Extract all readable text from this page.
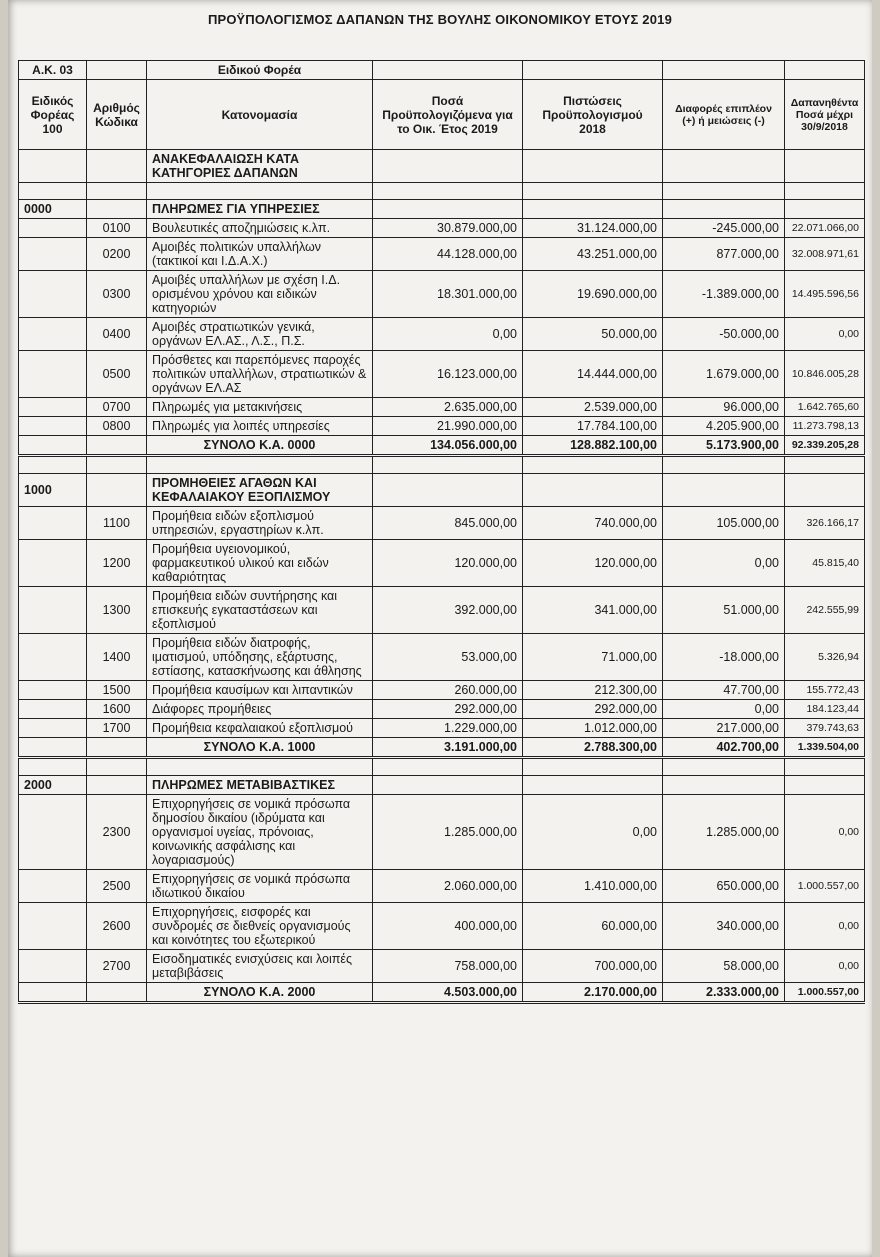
ΠΡΟΫΠΟΛΟΓΙΣΜΟΣ ΔΑΠΑΝΩΝ ΤΗΣ ΒΟΥΛΗΣ ΟΙΚΟΝΟΜΙΚΟΥ ΕΤΟΥΣ 2019
Α.Κ. 03		Ειδικού Φορέα				
Ειδικός Φορέας 100	Αριθμός Κώδικα	Κατονομασία	Ποσά Προϋπολογιζόμενα για το Οικ. Έτος 2019	Πιστώσεις Προϋπολογισμού 2018	Διαφορές επιπλέον (+) ή μειώσεις (-)	Δαπανηθέντα Ποσά μέχρι 30/9/2018
		ΑΝΑΚΕΦΑΛΑΙΩΣΗ ΚΑΤΑ ΚΑΤΗΓΟΡΙΕΣ ΔΑΠΑΝΩΝ				

0000		ΠΛΗΡΩΜΕΣ ΓΙΑ ΥΠΗΡΕΣΙΕΣ				
	0100	Βουλευτικές αποζημιώσεις κ.λπ.	30.879.000,00	31.124.000,00	-245.000,00	22.071.066,00
	0200	Αμοιβές πολιτικών υπαλλήλων (τακτικοί και Ι.Δ.Α.Χ.)	44.128.000,00	43.251.000,00	877.000,00	32.008.971,61
	0300	Αμοιβές υπαλλήλων με σχέση Ι.Δ. ορισμένου χρόνου και ειδικών κατηγοριών	18.301.000,00	19.690.000,00	-1.389.000,00	14.495.596,56
	0400	Αμοιβές στρατιωτικών γενικά, οργάνων ΕΛ.ΑΣ., Λ.Σ., Π.Σ.	0,00	50.000,00	-50.000,00	0,00
	0500	Πρόσθετες και παρεπόμενες παροχές πολιτικών υπαλλήλων, στρατιωτικών & οργάνων ΕΛ.ΑΣ	16.123.000,00	14.444.000,00	1.679.000,00	10.846.005,28
	0700	Πληρωμές για μετακινήσεις	2.635.000,00	2.539.000,00	96.000,00	1.642.765,60
	0800	Πληρωμές για λοιπές υπηρεσίες	21.990.000,00	17.784.100,00	4.205.900,00	11.273.798,13
		ΣΥΝΟΛΟ Κ.Α. 0000	134.056.000,00	128.882.100,00	5.173.900,00	92.339.205,28

1000		ΠΡΟΜΗΘΕΙΕΣ ΑΓΑΘΩΝ ΚΑΙ ΚΕΦΑΛΑΙΑΚΟΥ ΕΞΟΠΛΙΣΜΟΥ				
	1100	Προμήθεια ειδών εξοπλισμού υπηρεσιών, εργαστηρίων κ.λπ.	845.000,00	740.000,00	105.000,00	326.166,17
	1200	Προμήθεια υγειονομικού, φαρμακευτικού υλικού και ειδών καθαριότητας	120.000,00	120.000,00	0,00	45.815,40
	1300	Προμήθεια ειδών συντήρησης και επισκευής εγκαταστάσεων και εξοπλισμού	392.000,00	341.000,00	51.000,00	242.555,99
	1400	Προμήθεια ειδών διατροφής, ιματισμού, υπόδησης, εξάρτυσης, εστίασης, κατασκήνωσης και άθλησης	53.000,00	71.000,00	-18.000,00	5.326,94
	1500	Προμήθεια καυσίμων και λιπαντικών	260.000,00	212.300,00	47.700,00	155.772,43
	1600	Διάφορες προμήθειες	292.000,00	292.000,00	0,00	184.123,44
	1700	Προμήθεια κεφαλαιακού εξοπλισμού	1.229.000,00	1.012.000,00	217.000,00	379.743,63
		ΣΥΝΟΛΟ Κ.Α. 1000	3.191.000,00	2.788.300,00	402.700,00	1.339.504,00

2000		ΠΛΗΡΩΜΕΣ ΜΕΤΑΒΙΒΑΣΤΙΚΕΣ				
	2300	Επιχορηγήσεις σε νομικά πρόσωπα δημοσίου δικαίου (ιδρύματα και οργανισμοί υγείας, πρόνοιας, κοινωνικής ασφάλισης και λογαριασμούς)	1.285.000,00	0,00	1.285.000,00	0,00
	2500	Επιχορηγήσεις σε νομικά πρόσωπα ιδιωτικού δικαίου	2.060.000,00	1.410.000,00	650.000,00	1.000.557,00
	2600	Επιχορηγήσεις, εισφορές και συνδρομές σε διεθνείς οργανισμούς και κοινότητες του εξωτερικού	400.000,00	60.000,00	340.000,00	0,00
	2700	Εισοδηματικές ενισχύσεις και λοιπές μεταβιβάσεις	758.000,00	700.000,00	58.000,00	0,00
		ΣΥΝΟΛΟ Κ.Α. 2000	4.503.000,00	2.170.000,00	2.333.000,00	1.000.557,00
